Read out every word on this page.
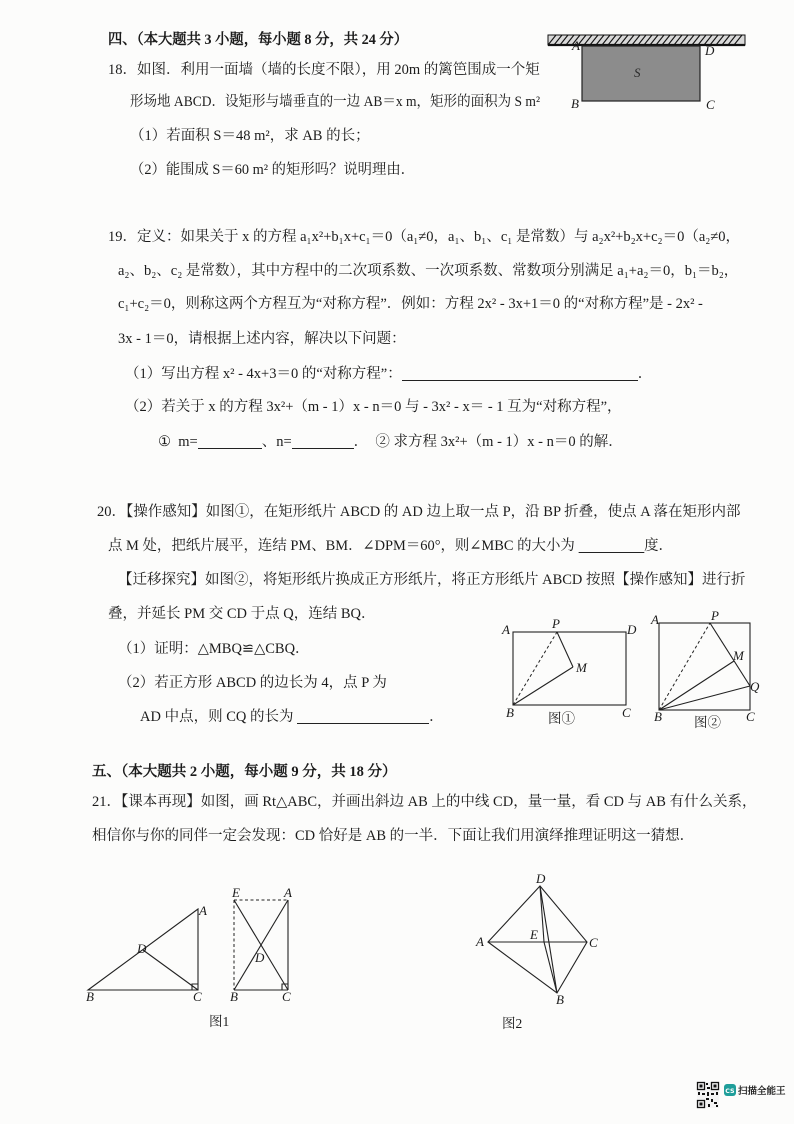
四、（本大题共 3 小题，每小题 8 分，共 24 分）
18．如图．利用一面墙（墙的长度不限），用 20m 的篱笆围成一个矩
形场地 ABCD．设矩形与墙垂直的一边 AB＝x m，矩形的面积为 S m²
（1）若面积 S＝48 m²，求 AB 的长；
（2）能围成 S＝60 m² 的矩形吗？说明理由．
19．定义：如果关于 x 的方程 a₁x²+b₁x+c₁＝0（a₁≠0，a₁、b₁、c₁ 是常数）与 a₂x²+b₂x+c₂＝0（a₂≠0，
a₂、b₂、c₂ 是常数），其中方程中的二次项系数、一次项系数、常数项分别满足 a₁+a₂＝0，b₁＝b₂，
c₁+c₂＝0，则称这两个方程互为“对称方程”．例如：方程 2x² - 3x+1＝0 的“对称方程”是 - 2x² -
3x - 1＝0，请根据上述内容，解决以下问题：
（1）写出方程 x² - 4x+3＝0 的“对称方程”：	．
（2）若关于 x 的方程 3x²+（m - 1）x - n＝0 与 - 3x² - x＝ - 1 互为“对称方程”，
①  m=	、n=	．  ② 求方程 3x²+（m - 1）x - n＝0 的解．
20．【操作感知】如图①，在矩形纸片 ABCD 的 AD 边上取一点 P，沿 BP 折叠，使点 A 落在矩形内部
点 M 处，把纸片展平，连结 PM、BM．∠DPM＝60°，则∠MBC 的大小为	度．
【迁移探究】如图②，将矩形纸片换成正方形纸片，将正方形纸片 ABCD 按照【操作感知】进行折
叠，并延长 PM 交 CD 于点 Q，连结 BQ．
（1）证明：△MBQ≌△CBQ．
（2）若正方形 ABCD 的边长为 4，点 P 为
AD 中点，则 CQ 的长为	．
五、（本大题共 2 小题，每小题 9 分，共 18 分）
21．【课本再现】如图，画 Rt△ABC，并画出斜边 AB 上的中线 CD，量一量，看 CD 与 AB 有什么关系，
相信你与你的同伴一定会发现：CD 恰好是 AB 的一半．下面让我们用演绎推理证明这一猜想．
A	D
B	C
S
A	P	D
M
B	C
图①
A	P
M
Q
B	C
图②
A
D
B	C
E	A
D
B	C
图1
D
A	E
C
B
图2
CS 扫描全能王
